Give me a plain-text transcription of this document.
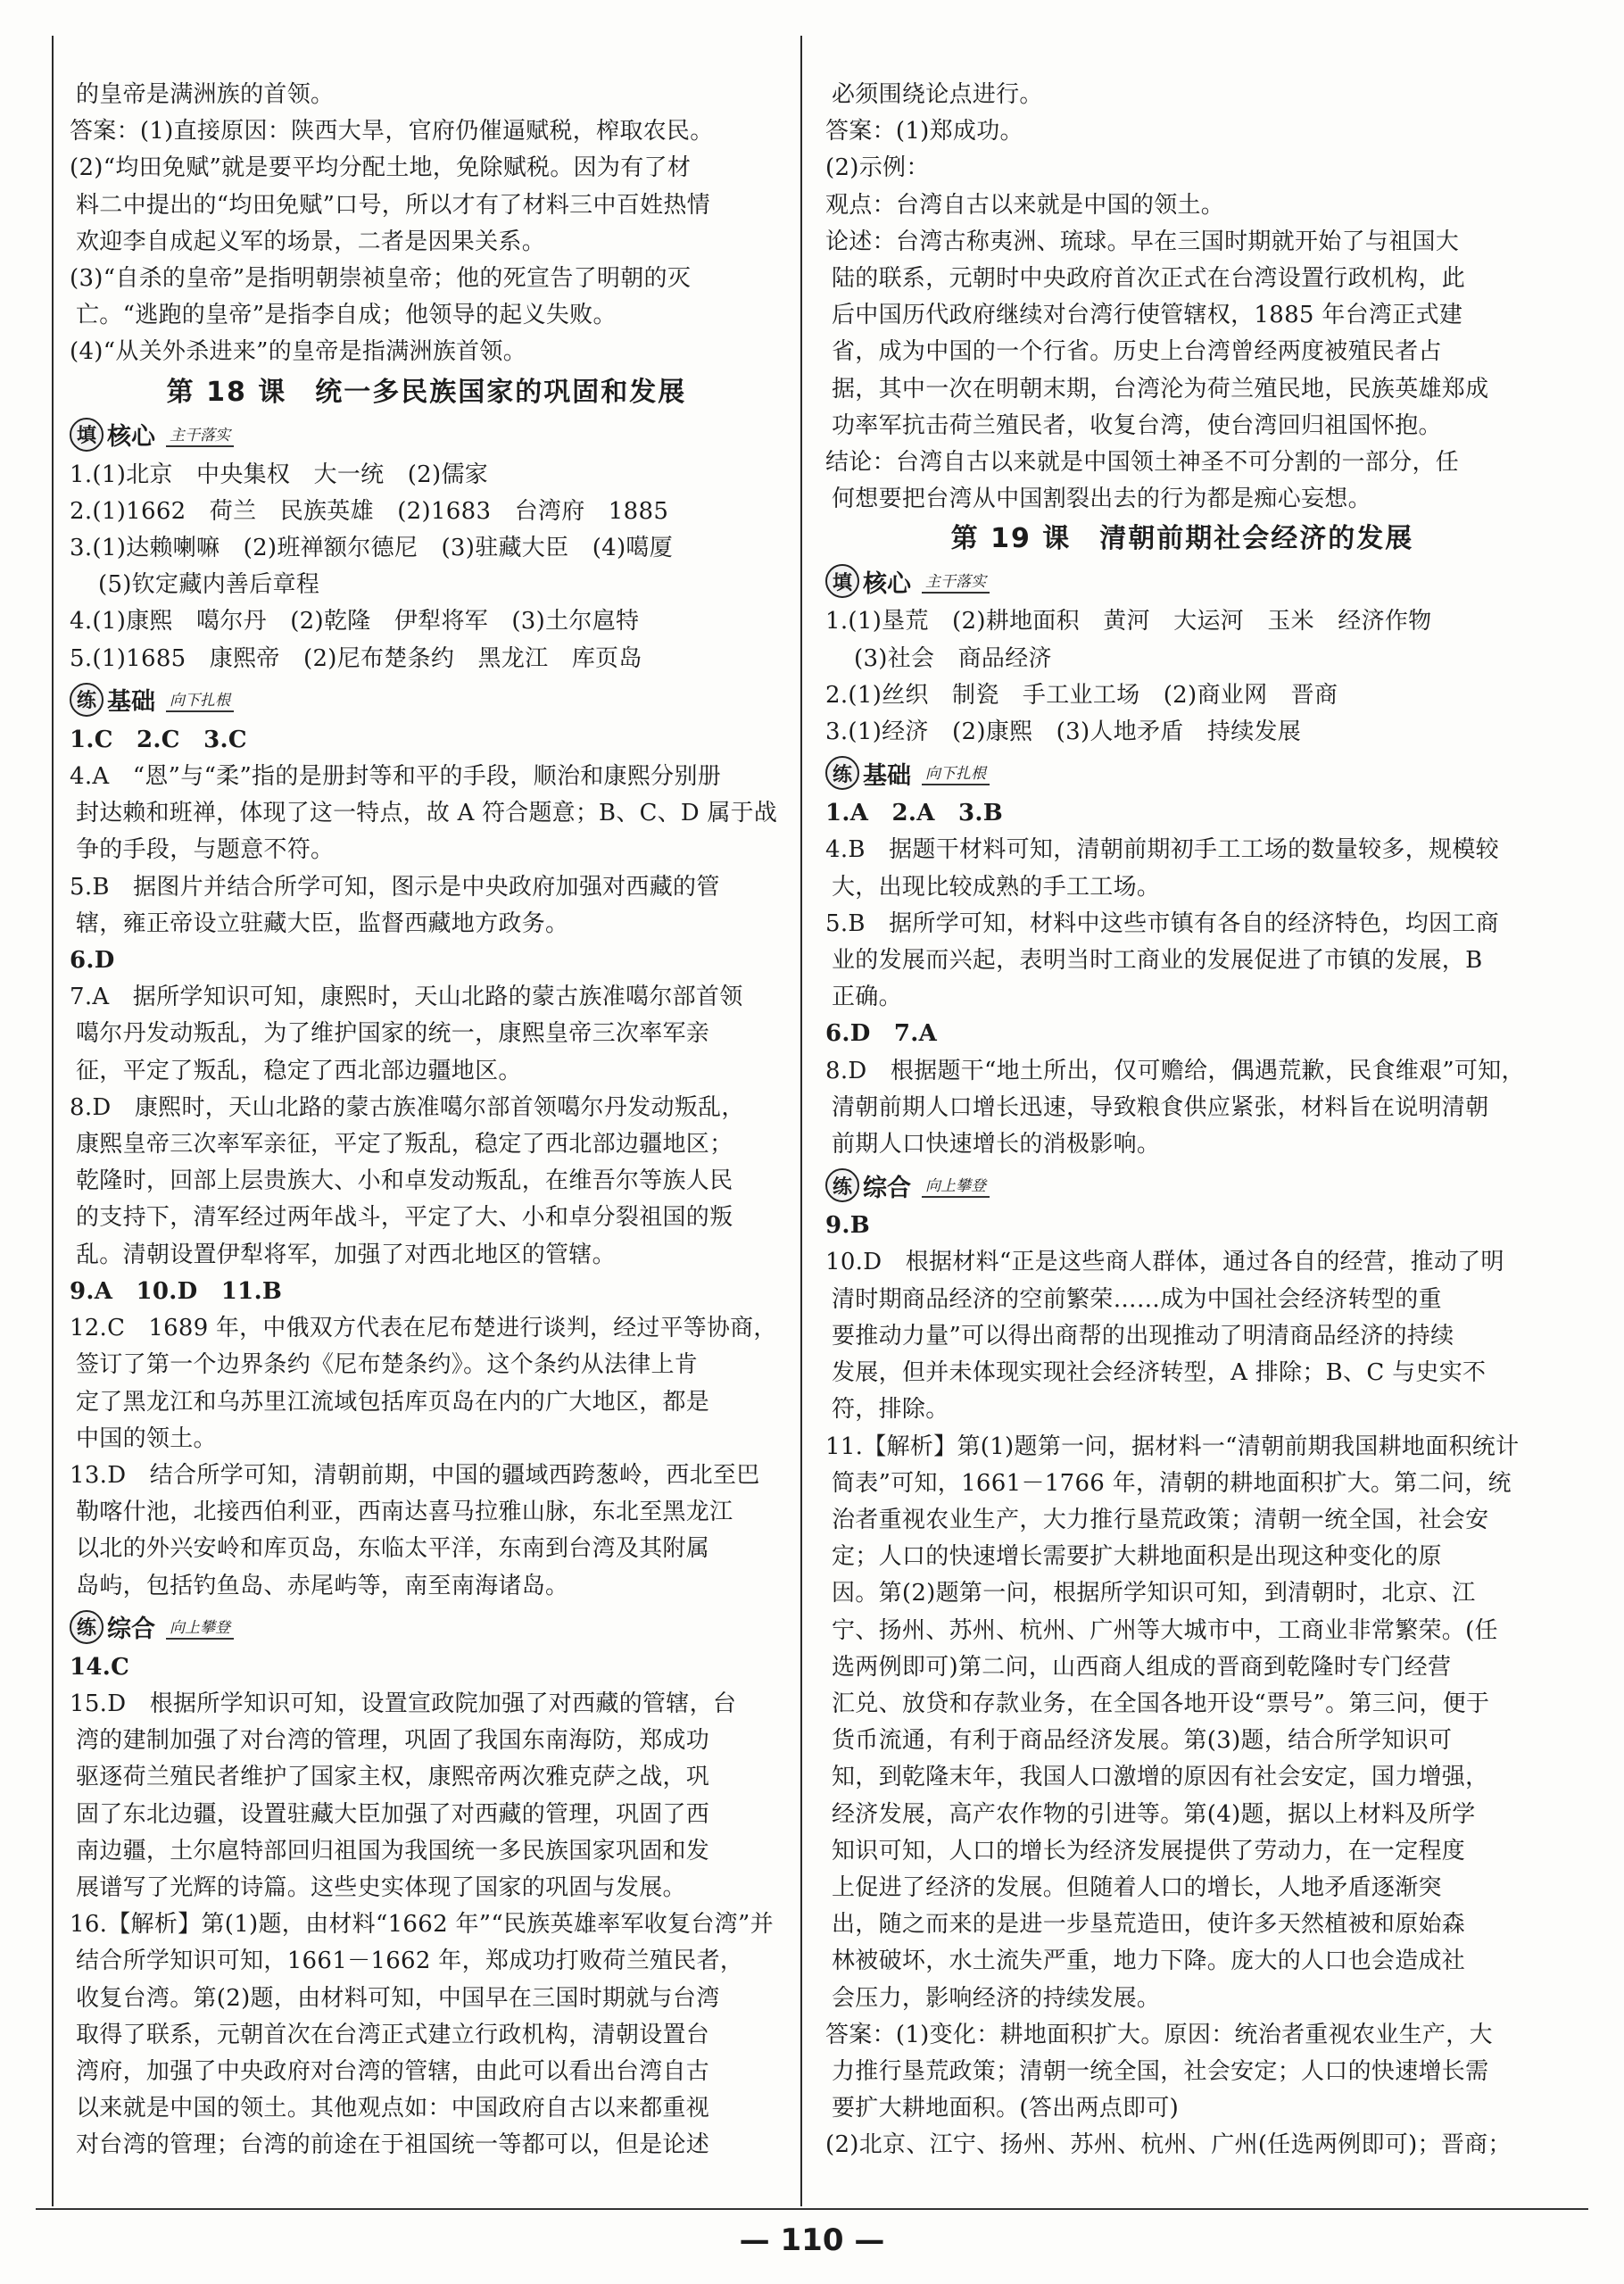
的皇帝是满洲族的首领。

答案：(1)直接原因：陕西大旱，官府仍催逼赋税，榨取农民。

(2)“均田免赋”就是要平均分配土地，免除赋税。因为有了材

料二中提出的“均田免赋”口号，所以才有了材料三中百姓热情

欢迎李自成起义军的场景，二者是因果关系。

(3)“自杀的皇帝”是指明朝崇祯皇帝；他的死宣告了明朝的灭

亡。“逃跑的皇帝”是指李自成；他领导的起义失败。

(4)“从关外杀进来”的皇帝是指满洲族首领。

第 18 课　统一多民族国家的巩固和发展
填 核心 主干落实

1.(1)北京　中央集权　大一统　(2)儒家

2.(1)1662　荷兰　民族英雄　(2)1683　台湾府　1885

3.(1)达赖喇嘛　(2)班禅额尔德尼　(3)驻藏大臣　(4)噶厦

(5)钦定藏内善后章程

4.(1)康熙　噶尔丹　(2)乾隆　伊犁将军　(3)土尔扈特

5.(1)1685　康熙帝　(2)尼布楚条约　黑龙江　库页岛

练 基础 向下扎根

1.C　2.C　3.C

4.A　“恩”与“柔”指的是册封等和平的手段，顺治和康熙分别册

封达赖和班禅，体现了这一特点，故 A 符合题意；B、C、D 属于战

争的手段，与题意不符。

5.B　据图片并结合所学可知，图示是中央政府加强对西藏的管

辖，雍正帝设立驻藏大臣，监督西藏地方政务。

6.D

7.A　据所学知识可知，康熙时，天山北路的蒙古族准噶尔部首领

噶尔丹发动叛乱，为了维护国家的统一，康熙皇帝三次率军亲

征，平定了叛乱，稳定了西北部边疆地区。

8.D　康熙时，天山北路的蒙古族准噶尔部首领噶尔丹发动叛乱，

康熙皇帝三次率军亲征，平定了叛乱，稳定了西北部边疆地区；

乾隆时，回部上层贵族大、小和卓发动叛乱，在维吾尔等族人民

的支持下，清军经过两年战斗，平定了大、小和卓分裂祖国的叛

乱。清朝设置伊犁将军，加强了对西北地区的管辖。

9.A　10.D　11.B

12.C　1689 年，中俄双方代表在尼布楚进行谈判，经过平等协商，

签订了第一个边界条约《尼布楚条约》。这个条约从法律上肯

定了黑龙江和乌苏里江流域包括库页岛在内的广大地区，都是

中国的领土。

13.D　结合所学可知，清朝前期，中国的疆域西跨葱岭，西北至巴

勒喀什池，北接西伯利亚，西南达喜马拉雅山脉，东北至黑龙江

以北的外兴安岭和库页岛，东临太平洋，东南到台湾及其附属

岛屿，包括钓鱼岛、赤尾屿等，南至南海诸岛。

练 综合 向上攀登

14.C

15.D　根据所学知识可知，设置宣政院加强了对西藏的管辖，台

湾的建制加强了对台湾的管理，巩固了我国东南海防，郑成功

驱逐荷兰殖民者维护了国家主权，康熙帝两次雅克萨之战，巩

固了东北边疆，设置驻藏大臣加强了对西藏的管理，巩固了西

南边疆，土尔扈特部回归祖国为我国统一多民族国家巩固和发

展谱写了光辉的诗篇。这些史实体现了国家的巩固与发展。

16.【解析】第(1)题，由材料“1662 年”“民族英雄率军收复台湾”并

结合所学知识可知，1661－1662 年，郑成功打败荷兰殖民者，

收复台湾。第(2)题，由材料可知，中国早在三国时期就与台湾

取得了联系，元朝首次在台湾正式建立行政机构，清朝设置台

湾府，加强了中央政府对台湾的管辖，由此可以看出台湾自古

以来就是中国的领土。其他观点如：中国政府自古以来都重视

对台湾的管理；台湾的前途在于祖国统一等都可以，但是论述

必须围绕论点进行。

答案：(1)郑成功。

(2)示例：

观点：台湾自古以来就是中国的领土。

论述：台湾古称夷洲、琉球。早在三国时期就开始了与祖国大

陆的联系，元朝时中央政府首次正式在台湾设置行政机构，此

后中国历代政府继续对台湾行使管辖权，1885 年台湾正式建

省，成为中国的一个行省。历史上台湾曾经两度被殖民者占

据，其中一次在明朝末期，台湾沦为荷兰殖民地，民族英雄郑成

功率军抗击荷兰殖民者，收复台湾，使台湾回归祖国怀抱。

结论：台湾自古以来就是中国领土神圣不可分割的一部分，任

何想要把台湾从中国割裂出去的行为都是痴心妄想。

第 19 课　清朝前期社会经济的发展
填 核心 主干落实

1.(1)垦荒　(2)耕地面积　黄河　大运河　玉米　经济作物

(3)社会　商品经济

2.(1)丝织　制瓷　手工业工场　(2)商业网　晋商

3.(1)经济　(2)康熙　(3)人地矛盾　持续发展

练 基础 向下扎根

1.A　2.A　3.B

4.B　据题干材料可知，清朝前期初手工工场的数量较多，规模较

大，出现比较成熟的手工工场。

5.B　据所学可知，材料中这些市镇有各自的经济特色，均因工商

业的发展而兴起，表明当时工商业的发展促进了市镇的发展，B

正确。

6.D　7.A

8.D　根据题干“地土所出，仅可赡给，偶遇荒歉，民食维艰”可知，

清朝前期人口增长迅速，导致粮食供应紧张，材料旨在说明清朝

前期人口快速增长的消极影响。

练 综合 向上攀登

9.B

10.D　根据材料“正是这些商人群体，通过各自的经营，推动了明

清时期商品经济的空前繁荣……成为中国社会经济转型的重

要推动力量”可以得出商帮的出现推动了明清商品经济的持续

发展，但并未体现实现社会经济转型，A 排除；B、C 与史实不

符，排除。

11.【解析】第(1)题第一问，据材料一“清朝前期我国耕地面积统计

简表”可知，1661－1766 年，清朝的耕地面积扩大。第二问，统

治者重视农业生产，大力推行垦荒政策；清朝一统全国，社会安

定；人口的快速增长需要扩大耕地面积是出现这种变化的原

因。第(2)题第一问，根据所学知识可知，到清朝时，北京、江

宁、扬州、苏州、杭州、广州等大城市中，工商业非常繁荣。(任

选两例即可)第二问，山西商人组成的晋商到乾隆时专门经营

汇兑、放贷和存款业务，在全国各地开设“票号”。第三问，便于

货币流通，有利于商品经济发展。第(3)题，结合所学知识可

知，到乾隆末年，我国人口激增的原因有社会安定，国力增强，

经济发展，高产农作物的引进等。第(4)题，据以上材料及所学

知识可知，人口的增长为经济发展提供了劳动力，在一定程度

上促进了经济的发展。但随着人口的增长，人地矛盾逐渐突

出，随之而来的是进一步垦荒造田，使许多天然植被和原始森

林被破坏，水土流失严重，地力下降。庞大的人口也会造成社

会压力，影响经济的持续发展。

答案：(1)变化：耕地面积扩大。原因：统治者重视农业生产，大

力推行垦荒政策；清朝一统全国，社会安定；人口的快速增长需

要扩大耕地面积。(答出两点即可)

(2)北京、江宁、扬州、苏州、杭州、广州(任选两例即可)；晋商；

— 110 —
